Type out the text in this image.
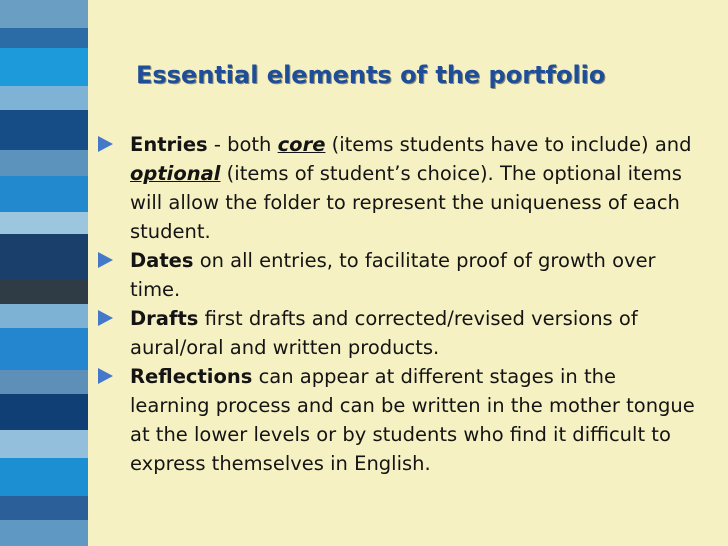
Essential elements of the portfolio
Entries - both core (items students have to include) and optional (items of student’s choice). The optional items will allow the folder to represent the uniqueness of each student.
Dates on all entries, to facilitate proof of growth over time.
Drafts first drafts and corrected/revised versions of aural/oral and written products.
Reflections can appear at different stages in the learning process and can be written in the mother tongue at the lower levels or by students who find it difficult to express themselves in English.
